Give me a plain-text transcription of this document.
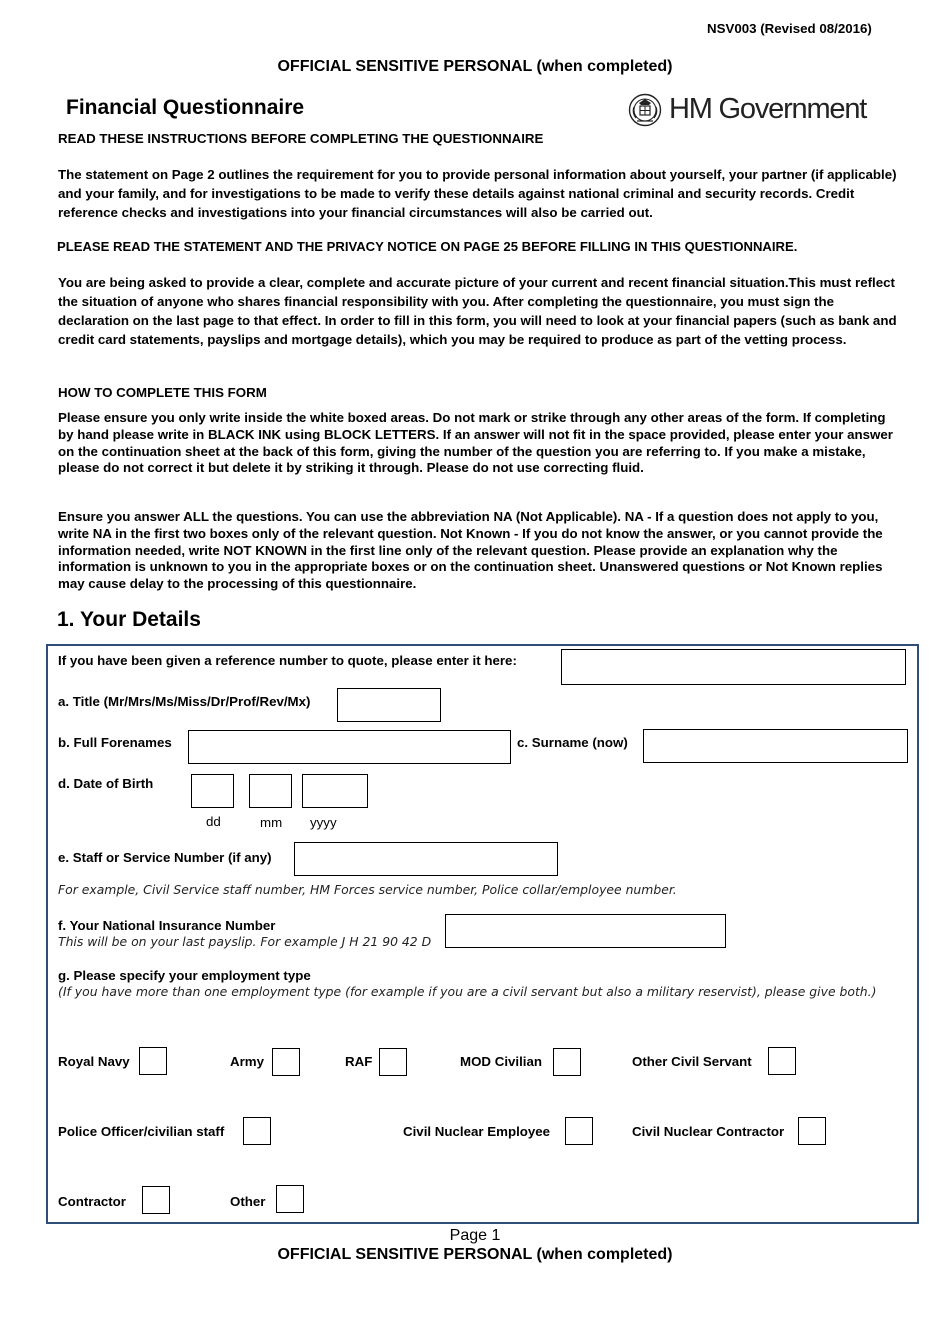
NSV003 (Revised 08/2016)
OFFICIAL SENSITIVE PERSONAL (when completed)
Financial Questionnaire	HM Government
READ THESE INSTRUCTIONS BEFORE COMPLETING THE QUESTIONNAIRE
The statement on Page 2 outlines the requirement for you to provide personal information about yourself, your partner (if applicable) and your family, and for investigations to be made to verify these details against national criminal and security records. Credit reference checks and investigations into your financial circumstances will also be carried out.
PLEASE READ THE STATEMENT AND THE PRIVACY NOTICE ON PAGE 25 BEFORE FILLING IN THIS QUESTIONNAIRE.
You are being asked to provide a clear, complete and accurate picture of your current and recent financial situation.This must reflect the situation of anyone who shares financial responsibility with you. After completing the questionnaire, you must sign the declaration on the last page to that effect. In order to fill in this form, you will need to look at your financial papers (such as bank and credit card statements, payslips and mortgage details), which you may be required to produce as part of the vetting process.
HOW TO COMPLETE THIS FORM
Please ensure you only write inside the white boxed areas. Do not mark or strike through any other areas of the form. If completing by hand please write in BLACK INK using BLOCK LETTERS. If an answer will not fit in the space provided, please enter your answer on the continuation sheet at the back of this form, giving the number of the question you are referring to. If you make a mistake, please do not correct it but delete it by striking it through. Please do not use correcting fluid.
Ensure you answer ALL the questions. You can use the abbreviation NA (Not Applicable). NA - If a question does not apply to you, write NA in the first two boxes only of the relevant question. Not Known - If you do not know the answer, or you cannot provide the information needed, write NOT KNOWN in the first line only of the relevant question. Please provide an explanation why the information is unknown to you in the appropriate boxes or on the continuation sheet. Unanswered questions or Not Known replies may cause delay to the processing of this questionnaire.
1. Your Details
If you have been given a reference number to quote, please enter it here:
a. Title (Mr/Mrs/Ms/Miss/Dr/Prof/Rev/Mx)
b. Full Forenames	c. Surname (now)
d. Date of Birth
dd	mm yyyy
e. Staff or Service Number (if any)
For example, Civil Service staff number, HM Forces service number, Police collar/employee number.
f. Your National Insurance Number
This will be on your last payslip. For example J H 21 90 42 D
g. Please specify your employment type
(If you have more than one employment type (for example if you are a civil servant but also a military reservist), please give both.)
Royal Navy	Army	RAF	MOD Civilian	Other Civil Servant
Police Officer/civilian staff	Civil Nuclear Employee	Civil Nuclear Contractor
Contractor	Other
Page 1
OFFICIAL SENSITIVE PERSONAL (when completed)
